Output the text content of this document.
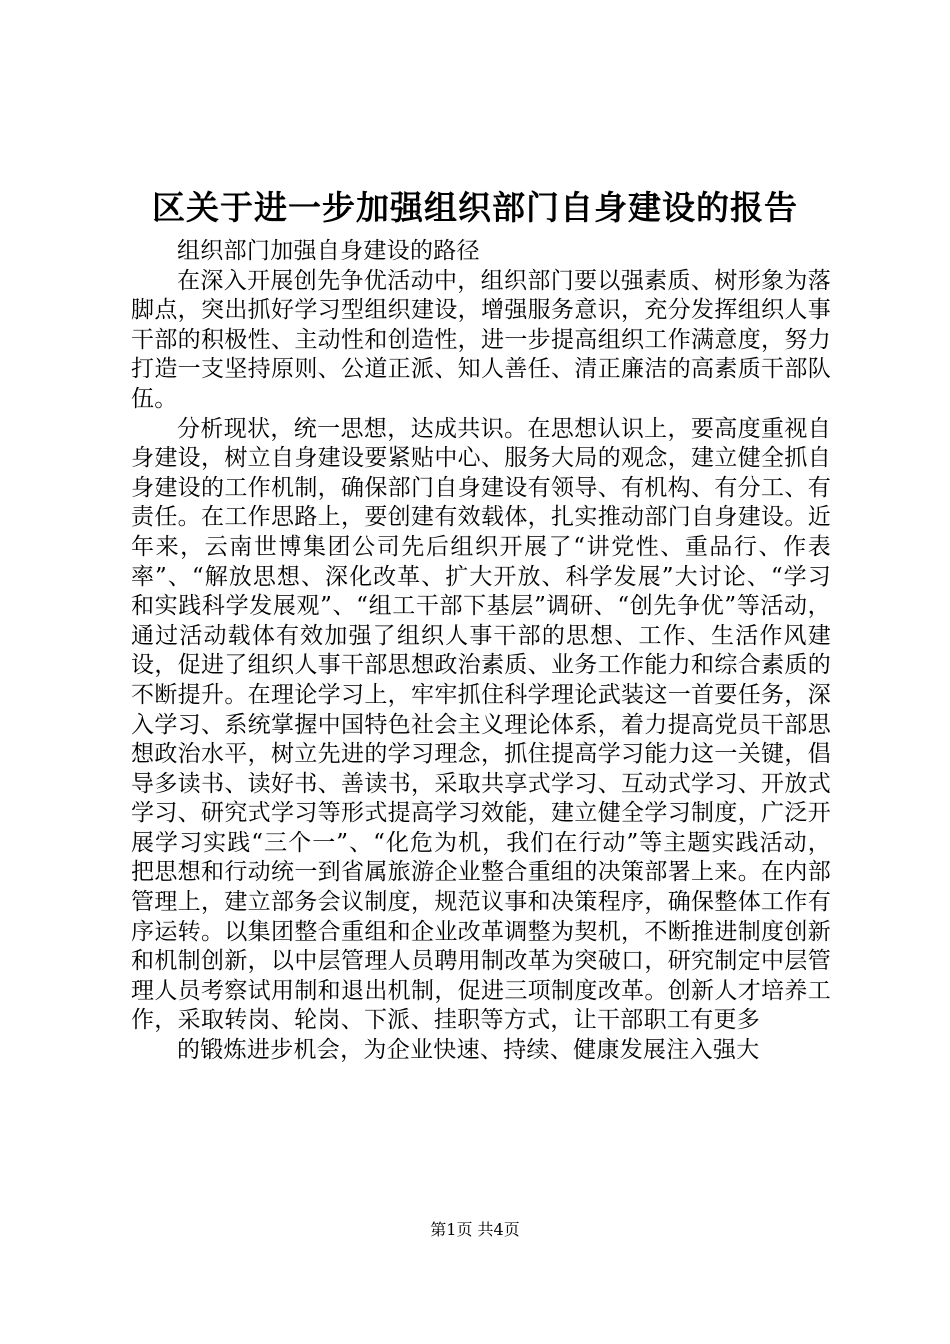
区关于进一步加强组织部门自身建设的报告

组织部门加强自身建设的路径

在深入开展创先争优活动中，组织部门要以强素质、树形象为落脚点，突出抓好学习型组织建设，增强服务意识，充分发挥组织人事干部的积极性、主动性和创造性，进一步提高组织工作满意度，努力打造一支坚持原则、公道正派、知人善任、清正廉洁的高素质干部队伍。

分析现状，统一思想，达成共识。在思想认识上，要高度重视自身建设，树立自身建设要紧贴中心、服务大局的观念，建立健全抓自身建设的工作机制，确保部门自身建设有领导、有机构、有分工、有责任。在工作思路上，要创建有效载体，扎实推动部门自身建设。近年来，云南世博集团公司先后组织开展了“讲党性、重品行、作表率”、“解放思想、深化改革、扩大开放、科学发展”大讨论、“学习和实践科学发展观”、“组工干部下基层”调研、“创先争优”等活动，通过活动载体有效加强了组织人事干部的思想、工作、生活作风建设，促进了组织人事干部思想政治素质、业务工作能力和综合素质的不断提升。在理论学习上，牢牢抓住科学理论武装这一首要任务，深入学习、系统掌握中国特色社会主义理论体系，着力提高党员干部思想政治水平，树立先进的学习理念，抓住提高学习能力这一关键，倡导多读书、读好书、善读书，采取共享式学习、互动式学习、开放式学习、研究式学习等形式提高学习效能，建立健全学习制度，广泛开展学习实践“三个一”、“化危为机，我们在行动”等主题实践活动，把思想和行动统一到省属旅游企业整合重组的决策部署上来。在内部管理上，建立部务会议制度，规范议事和决策程序，确保整体工作有序运转。以集团整合重组和企业改革调整为契机，不断推进制度创新和机制创新，以中层管理人员聘用制改革为突破口，研究制定中层管理人员考察试用制和退出机制，促进三项制度改革。创新人才培养工作，采取转岗、轮岗、下派、挂职等方式，让干部职工有更多

的锻炼进步机会，为企业快速、持续、健康发展注入强大

第1页 共4页
